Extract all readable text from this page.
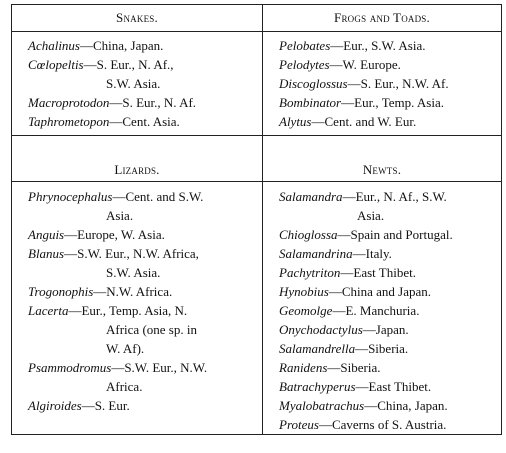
Snakes.	Frogs and Toads.
Lizards.	Newts.
Achalinus—China, Japan.
Cœlopeltis—S. Eur., N. Af.,
S.W. Asia.
Macroprotodon—S. Eur., N. Af.
Taphrometopon—Cent. Asia.
Pelobates—Eur., S.W. Asia.
Pelodytes—W. Europe.
Discoglossus—S. Eur., N.W. Af.
Bombinator—Eur., Temp. Asia.
Alytus—Cent. and W. Eur.
Phrynocephalus—Cent. and S.W.
Asia.
Anguis—Europe, W. Asia.
Blanus—S.W. Eur., N.W. Africa,
S.W. Asia.
Trogonophis—N.W. Africa.
Lacerta—Eur., Temp. Asia, N.
Africa (one sp. in
W. Af).
Psammodromus—S.W. Eur., N.W.
Africa.
Algiroides—S. Eur.
Salamandra—Eur., N. Af., S.W.
Asia.
Chioglossa—Spain and Portugal.
Salamandrina—Italy.
Pachytriton—East Thibet.
Hynobius—China and Japan.
Geomolge—E. Manchuria.
Onychodactylus—Japan.
Salamandrella—Siberia.
Ranidens—Siberia.
Batrachyperus—East Thibet.
Myalobatrachus—China, Japan.
Proteus—Caverns of S. Austria.
